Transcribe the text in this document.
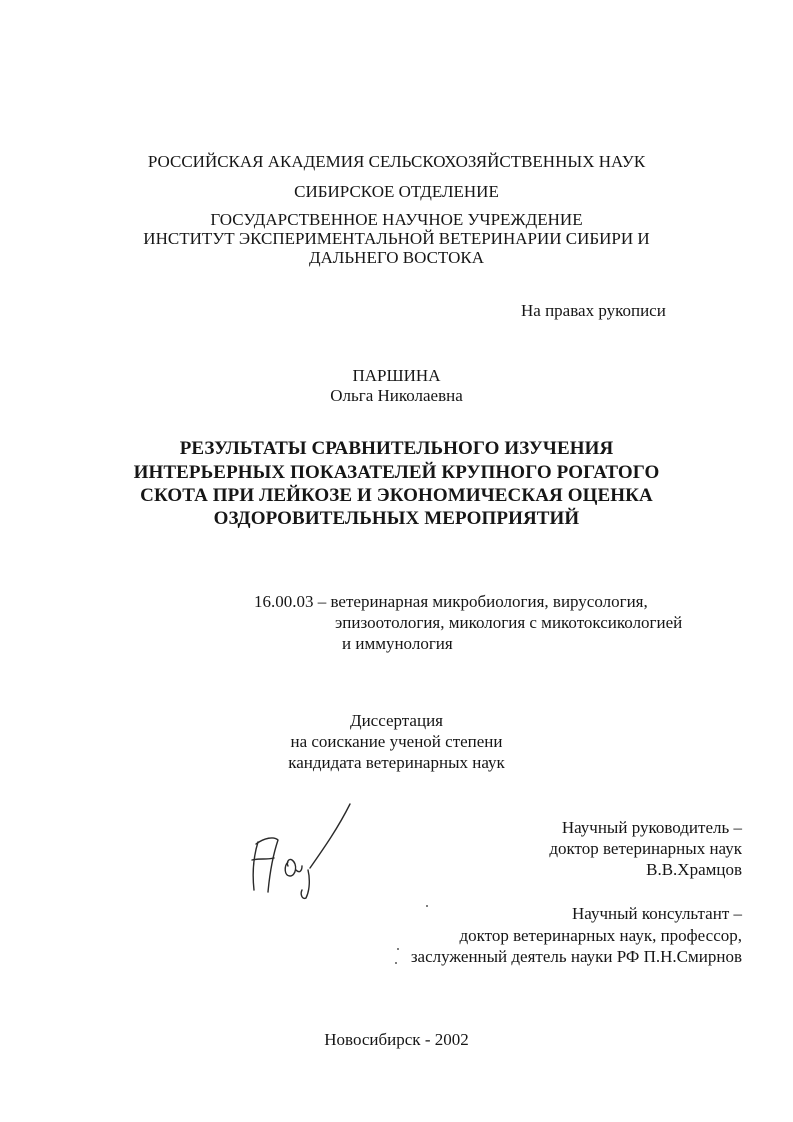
РОССИЙСКАЯ АКАДЕМИЯ СЕЛЬСКОХОЗЯЙСТВЕННЫХ НАУК
СИБИРСКОЕ ОТДЕЛЕНИЕ
ГОСУДАРСТВЕННОЕ НАУЧНОЕ УЧРЕЖДЕНИЕ
ИНСТИТУТ ЭКСПЕРИМЕНТАЛЬНОЙ ВЕТЕРИНАРИИ СИБИРИ И
ДАЛЬНЕГО ВОСТОКА
На правах рукописи
ПАРШИНА
Ольга Николаевна
РЕЗУЛЬТАТЫ СРАВНИТЕЛЬНОГО ИЗУЧЕНИЯ
ИНТЕРЬЕРНЫХ ПОКАЗАТЕЛЕЙ КРУПНОГО РОГАТОГО
СКОТА ПРИ ЛЕЙКОЗЕ И ЭКОНОМИЧЕСКАЯ ОЦЕНКА
ОЗДОРОВИТЕЛЬНЫХ МЕРОПРИЯТИЙ
16.00.03 – ветеринарная микробиология, вирусология,
эпизоотология, микология с микотоксикологией
и иммунология
Диссертация
на соискание ученой степени
кандидата ветеринарных наук
Научный руководитель –
доктор ветеринарных наук
В.В.Храмцов
Научный консультант –
доктор ветеринарных наук, профессор,
заслуженный деятель науки РФ П.Н.Смирнов
Новосибирск - 2002
